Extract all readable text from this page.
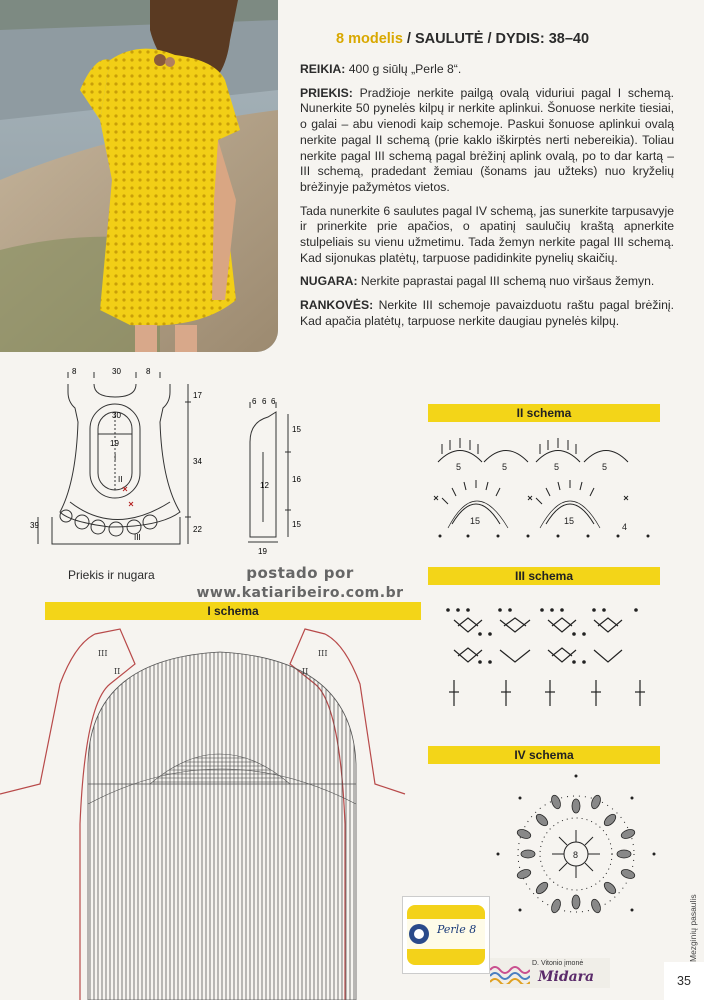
8 modelis / SAULUTĖ / DYDIS: 38–40

REIKIA: 400 g siūlų „Perle 8“.

PRIEKIS: Pradžioje nerkite pailgą ovalą viduriui pagal I schemą. Nunerkite 50 pynelės kilpų ir nerkite aplinkui. Šonuose nerkite tiesiai, o galai – abu vienodi kaip schemoje. Paskui šonuose aplinkui ovalą nerkite pagal II schemą (prie kaklo iškirptės nerti nebereikia). Toliau nerkite pagal III schemą pagal brėžinį aplink ovalą, po to dar kartą – III schemą, pradedant žemiau (šonams jau užteks) nuo kryželių brėžinyje pažymėtos vietos.

Tada nunerkite 6 saulutes pagal IV schemą, jas sunerkite tarpusavyje ir prinerkite prie apačios, o apatinį saulučių kraštą apnerkite stulpeliais su vienu užmetimu. Tada žemyn nerkite pagal III schemą. Kad sijonukas platėtų, tarpuose padidinkite pynelių skaičių.

NUGARA: Nerkite paprastai pagal III schemą nuo viršaus žemyn.

RANKOVĖS: Nerkite III schemoje pavaizduotu raštu pagal brėžinį. Kad apačia platėtų, tarpuose nerkite daugiau pynelės kilpų.

8	30	8
17
34
22
39
30
19
I
II
III
Priekis ir nugara
6 6 6
15
16
15
12
19
postado por
www.katiaribeiro.com.br
I schema
II schema
III schema
IV schema
III	III
II	II
5	5	5	5
15	15
4
8
Perle 8
D. Vitonio įmonė
Midara
Mezginių pasaulis
35
